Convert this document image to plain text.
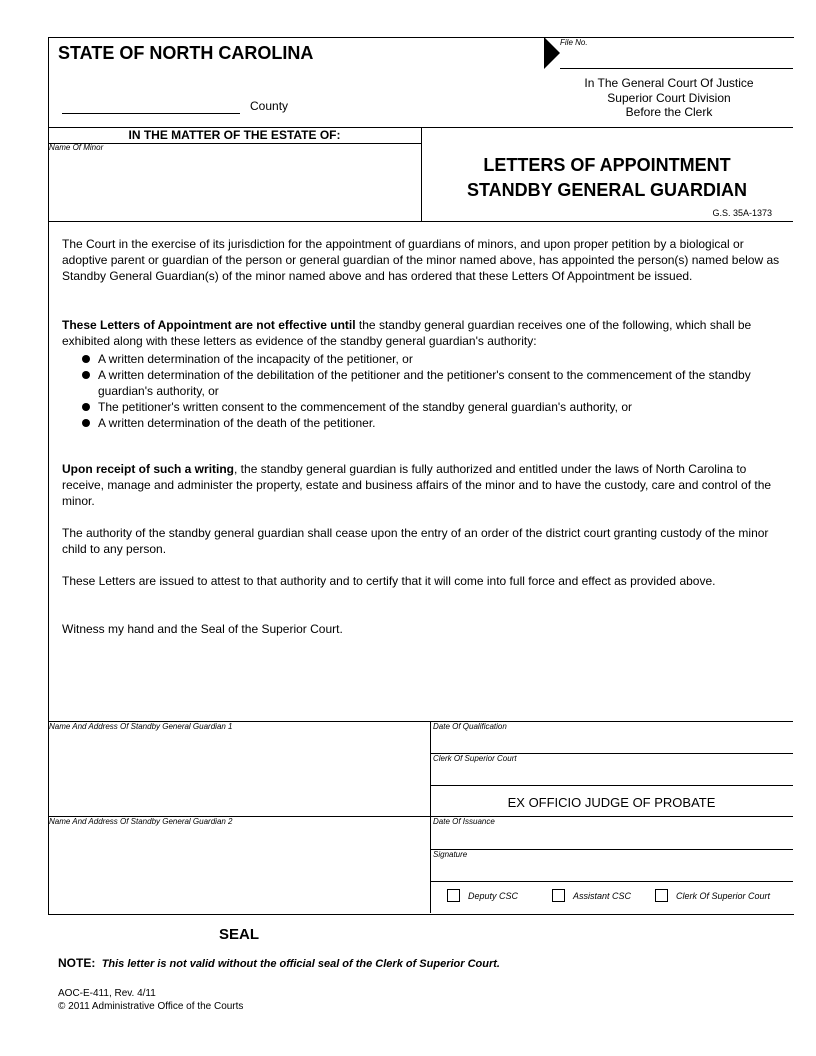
STATE OF NORTH CAROLINA
File No.
County
In The General Court Of Justice
Superior Court Division
Before the Clerk
IN THE MATTER OF THE ESTATE OF:
Name Of Minor
LETTERS OF APPOINTMENT
STANDBY GENERAL GUARDIAN
G.S. 35A-1373

The Court in the exercise of its jurisdiction for the appointment of guardians of minors, and upon proper petition by a biological or adoptive parent or guardian of the person or general guardian of the minor named above, has appointed the person(s) named below as Standby General Guardian(s) of the minor named above and has ordered that these Letters Of Appointment be issued.

These Letters of Appointment are not effective until the standby general guardian receives one of the following, which shall be exhibited along with these letters as evidence of the standby general guardian's authority:

A written determination of the incapacity of the petitioner, or
A written determination of the debilitation of the petitioner and the petitioner's consent to the commencement of the standby guardian's authority, or
The petitioner's written consent to the commencement of the standby general guardian's authority, or
A written determination of the death of the petitioner.

Upon receipt of such a writing, the standby general guardian is fully authorized and entitled under the laws of North Carolina to receive, manage and administer the property, estate and business affairs of the minor and to have the custody, care and control of the minor.

The authority of the standby general guardian shall cease upon the entry of an order of the district court granting custody of the minor child to any person.

These Letters are issued to attest to that authority and to certify that it will come into full force and effect as provided above.

Witness my hand and the Seal of the Superior Court.

Name And Address Of Standby General Guardian 1	Date Of Qualification
Clerk Of Superior Court
EX OFFICIO JUDGE OF PROBATE
Name And Address Of Standby General Guardian 2	Date Of Issuance
Signature
Deputy CSC	Assistant CSC	Clerk Of Superior Court
SEAL
NOTE: This letter is not valid without the official seal of the Clerk of Superior Court.
AOC-E-411, Rev. 4/11
© 2011 Administrative Office of the Courts
